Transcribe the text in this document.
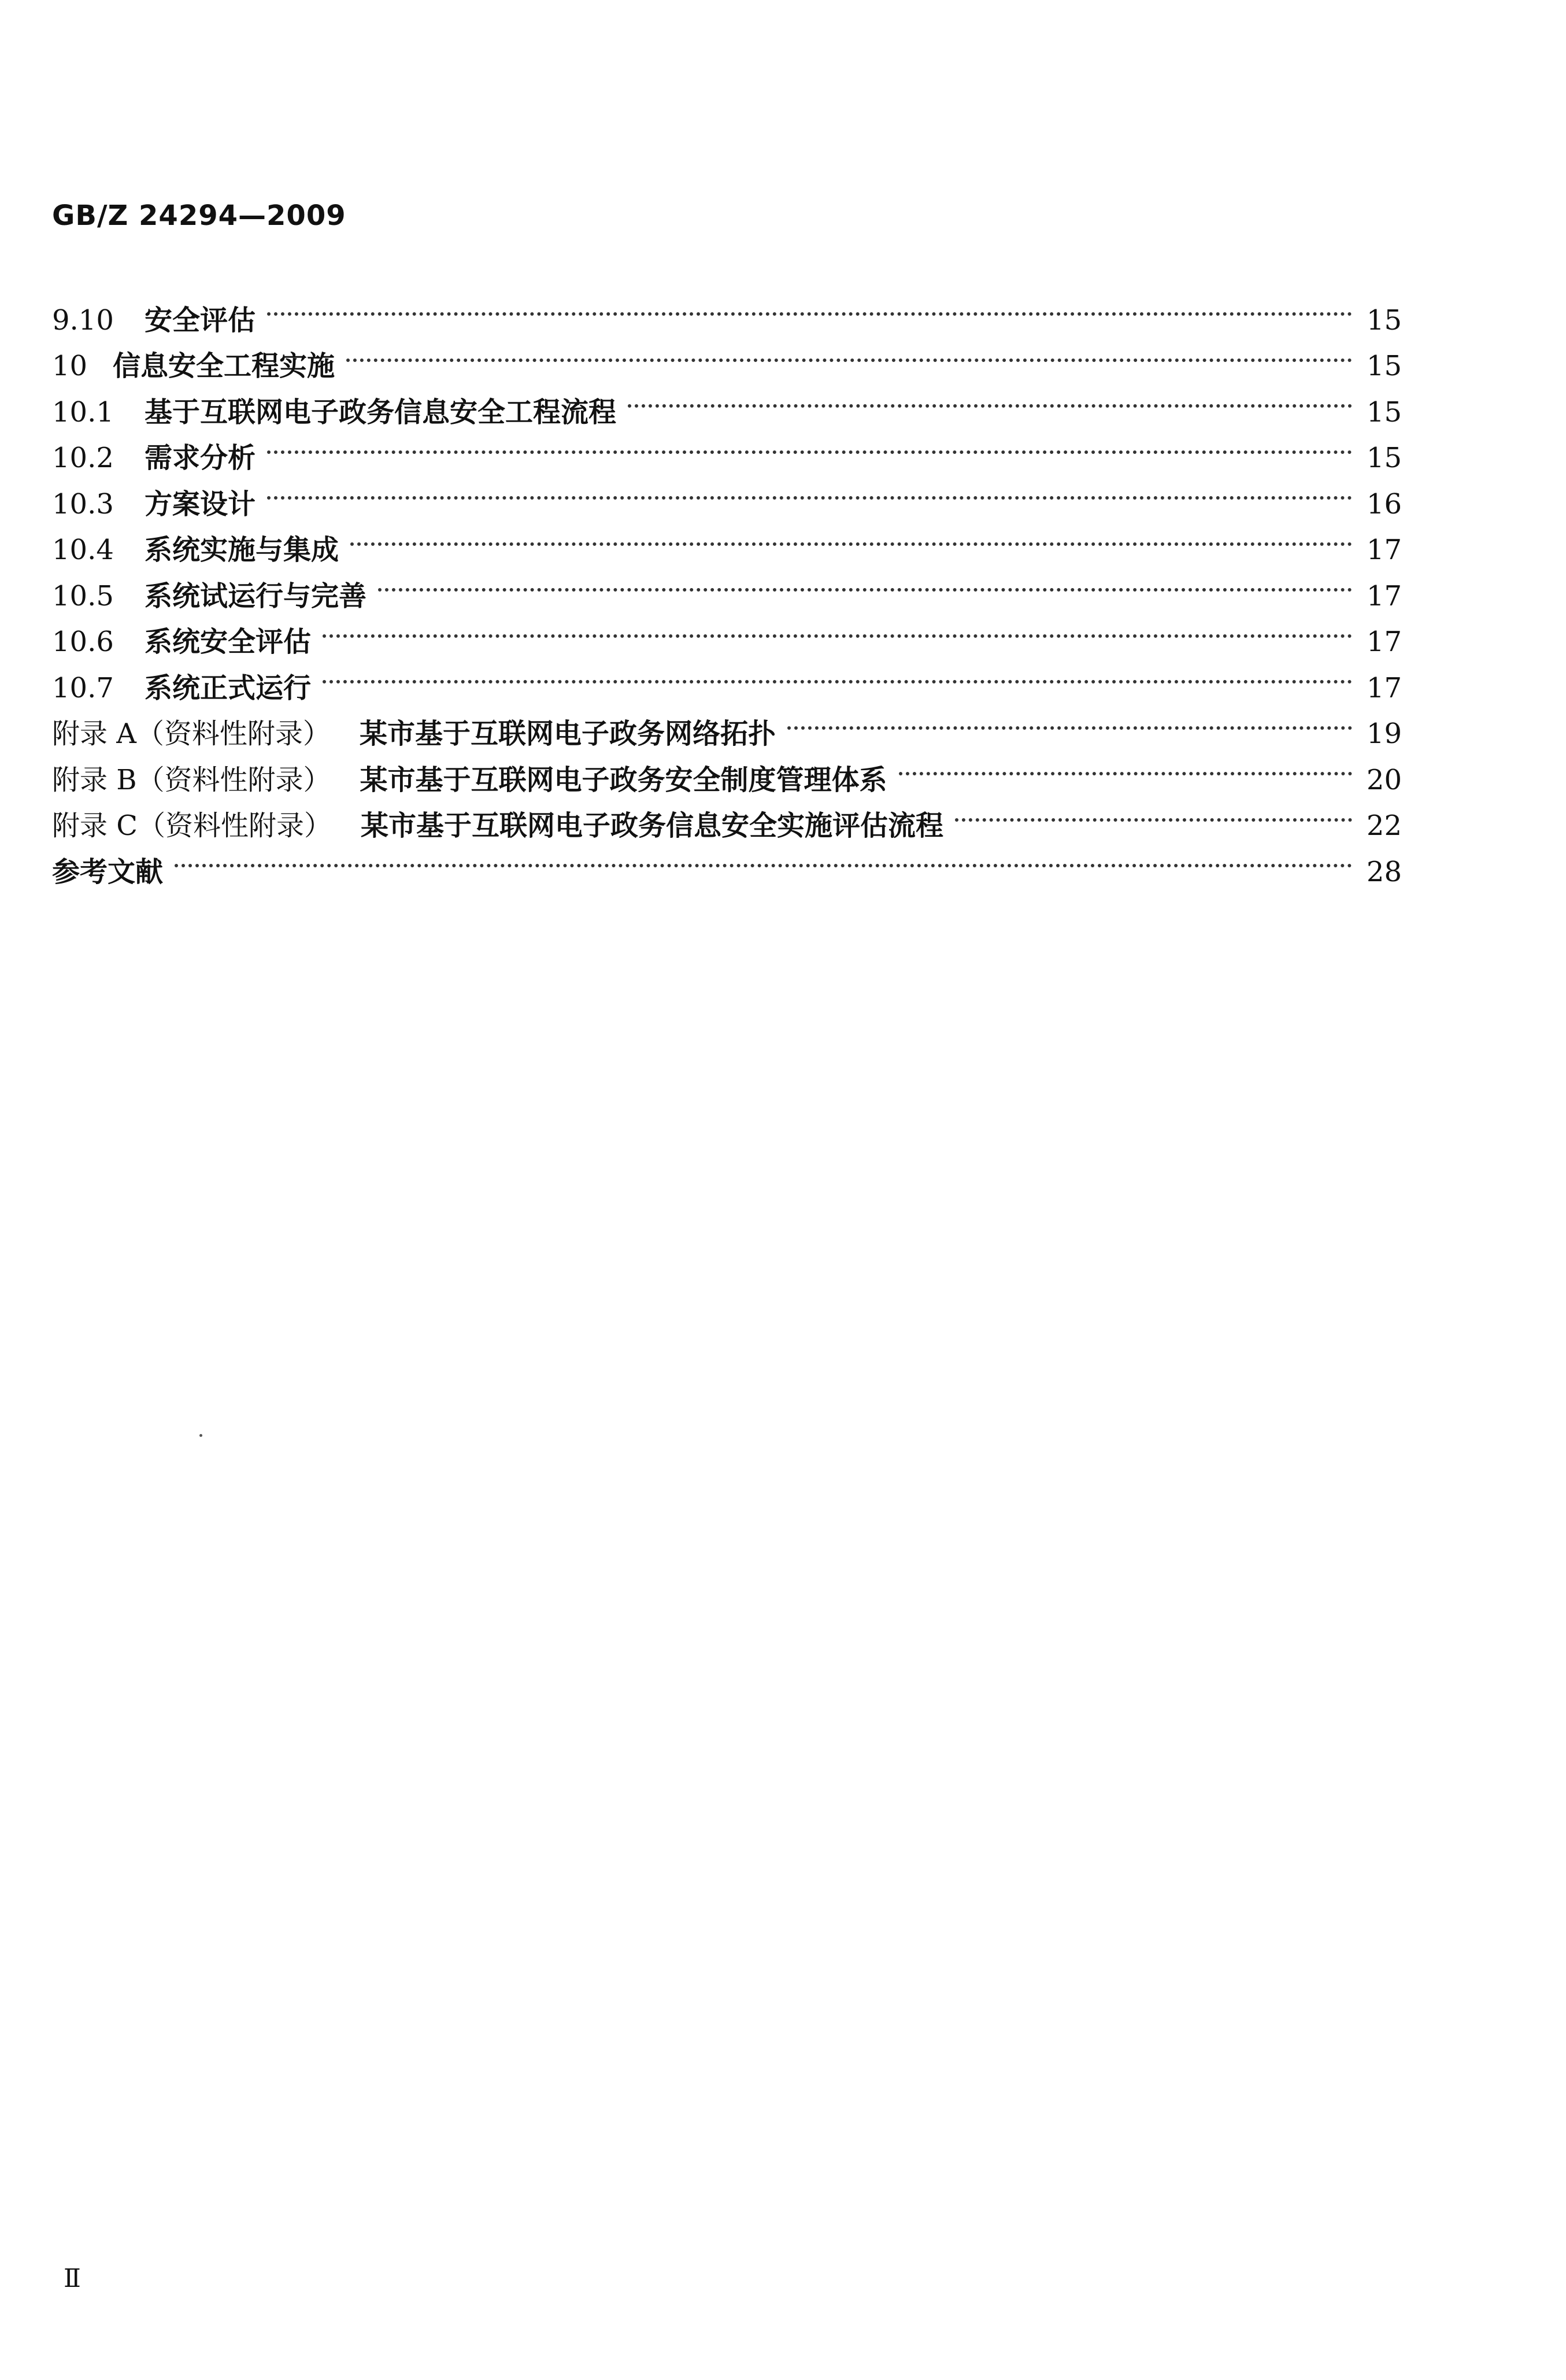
GB/Z 24294—2009
9.10	安全评估	15
10 信息安全工程实施	15
10.1	基于互联网电子政务信息安全工程流程	15
10.2	需求分析	15
10.3	方案设计	16
10.4	系统实施与集成	17
10.5	系统试运行与完善	17
10.6	系统安全评估	17
10.7	系统正式运行	17
附录 A（资料性附录） 某市基于互联网电子政务网络拓扑	19
附录 B（资料性附录） 某市基于互联网电子政务安全制度管理体系	20
附录 C（资料性附录） 某市基于互联网电子政务信息安全实施评估流程	22
参考文献	28
Ⅱ
